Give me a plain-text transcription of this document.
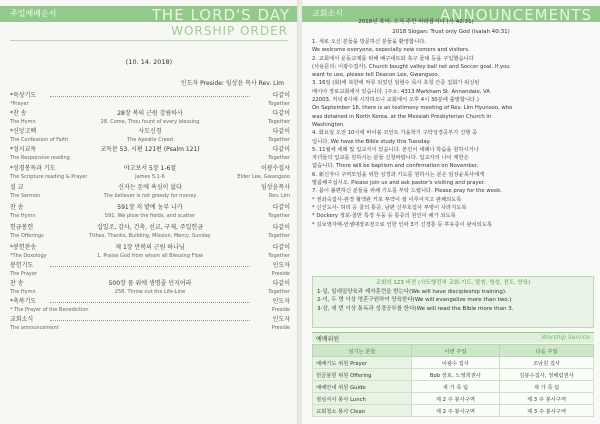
주일예배순서	THE LORD'S DAY
WORSHIP ORDER
(10. 14. 2018)
인도자 Preside: 임상윤 목사 Rev. Lim
*묵상기도	다같이
*Prayer	Together
*찬 송	28장 복의 근원 강림하사	다같이
The Hymn	28. Come, Thou fount of every blessing	Together
*신앙고백	사도신경	다같이
The Confession of Faith	The Apostle Creed	Together
*성시교독	교독문 53. 시편 121편 (Psalm 121)	다같이
The Responsive reading	Together
*성경봉독과 기도	야고보서 5장 1-6절	이광수집사
The Scripture reading & Prayer	James 5:1-6	Elder Lee, Gwangsoo
설 교	신자는 돈에 욕심이 없다	임상윤목사
The Sermon	The believer is not greedy for money	Rev. Lim
찬 송	591장 저 밭에 농부 나가	다같이
The Hymn	591. We plow the fields, and scatter	Together
헌금봉헌	십일조, 감사, 건축, 선교, 구제, 주일헌금	다같이
The Offerings	Tithes, Thanks, Building, Mission, Mercy, Sunday	Together
*봉헌찬송	제 1장 만복의 근원 하나님	다같이
*The Doxology	1. Praise God from whom all Blessing Flow	Together
봉헌기도	인도자
The Prayer	Preside
찬 송	500장 물 위에 생명줄 던지어라	다같이
The Hymn	258. Throw out the Life-Line	Together
*축복기도	인도자
* The Prayer of the Benediction	Preside
교회소식	인도자
The announcement	Preside
교회소식	ANNOUNCEMENTS
2018년 표어: 오직 주만 바라봅시다 (사 40:31)
2018 Slogan: Trust only God (Isaiah 40:31)

1. 새로 오신 분들을 방문하신 분들을 환영합니다.

We welcome everyone, especially new comers and visitors.

2. 교회에서 운동교제를 위해 배구네트와 축구 골대 등을 구입했습니다

(사용문의: 이광수집사). Church bought valley ball net and Soccer goal. If you

want to use, please tell Deacon Lee, Gwangsoo.

3. 16일 (화)에 북한에 억류 되었던 임현수 목사 초청 간증 집회가 워싱턴

메시아 장로교회에서 있습니다. (주소: 4313 Markham St. Annandale, VA

22003. 저녁 6시에 시작하오니 교회에서 오후 4시 30분에 출발합니다.)

On September 16, there is an testimony meeting of Rev. Lim Hyunsoo, who

was detained in North Korea, at the Messiah Presbyterian Church in

Washington.

4. 화요일 오전 10시에 바이블 코언트 가을학기 구약성경공부가 진행 중

입니다. We have the Bible study this Tuesday.

5. 11월에 세례 및 입교식이 있습니다. 본인이 세례나 학습을 원하시거나

자녀들의 입교를 원하시는 분들 신청바랍니다. 입교자의 나이 제한은

없습니다. There will be baptism and confirmation on November.

6. 新신자나 구역모임을 위한 성경과 기도를 원하시는 분은 임상윤목사에게

말씀해주십시오. Please join us and ask pastor's visiting and prayer.

7. 몸이 불편하신 분들을 위해 기도를 부탁 드립니다. Please pray for the week.

* 권좌숙집사-관경 혈액관 키포 투약이 잘 이루어지고 관쾌되도록

* 신진도사- 허리 등 골의 통증, 남편 신부호집사 투병이 사라지도록

* Dockery 정포-골반 특경 우둥 등 통증의 원인이 해가 되도록

* 김보영자매-안셈대장포전으로 인한 인파 3기 신경통 등 후유증이 완치되도록

교회의 123 비전 (사도행전적 교회-기도, 말씀, 영성, 전도, 양육)
1-일, 일대일양육과 제자훈련을 받는다(We will have discipleship training).
2-이, 두 명 이상 영혼구원하여 양육한다(We will evangelize more than two.)
3-삼, 세 번 이상 통독과 성경공부를 한다(We will read the Bible more than 3.
예배위원	Worship Service
섬기는 분들	이번 주일	다음 주일
예배기도 위원 Prayer	이광수 집사	조남원 집사
헌금봉헌 위원 Offering	Bob 장로, 노영희권사	김봉수집사, 정해림권사
예배안내 위원 Guide	새 가 족 팀	새 가 족 팀
점심식사 봉사 Lunch	제 2 주 봉사구역	제 3 주 봉사구역
교회청소 봉사 Clean	제 2 주 봉사구역	제 3 주 봉사구역
